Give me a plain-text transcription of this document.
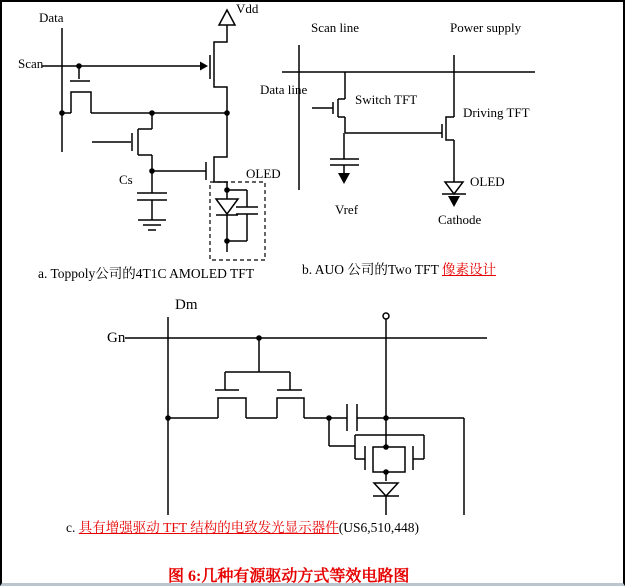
Data
Scan
Vdd
Cs	OLED
a. Toppoly公司的4T1C AMOLED TFT
Scan line	Power supply
Data line
Switch TFT
Driving TFT
Vref
OLED
Cathode
b. AUO 公司的Two TFT 像素设计
Dm
Gn
c. 具有增强驱动 TFT 结构的电致发光显示器件(US6,510,448)
图 6:几种有源驱动方式等效电路图
